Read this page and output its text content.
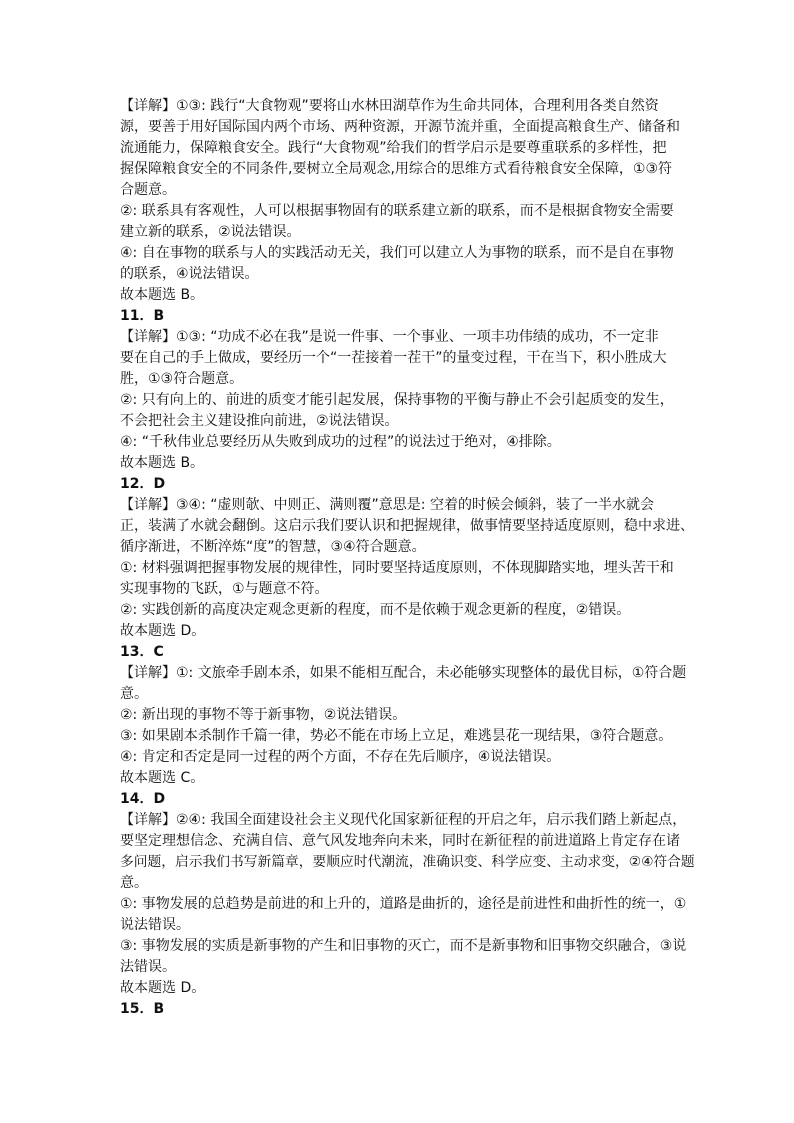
【详解】①③: 践行“大食物观”要将山水林田湖草作为生命共同体，合理利用各类自然资
源，要善于用好国际国内两个市场、两种资源，开源节流并重，全面提高粮食生产、储备和
流通能力，保障粮食安全。践行“大食物观”给我们的哲学启示是要尊重联系的多样性，把
握保障粮食安全的不同条件,要树立全局观念,用综合的思维方式看待粮食安全保障，①③符
合题意。
②: 联系具有客观性，人可以根据事物固有的联系建立新的联系，而不是根据食物安全需要
建立新的联系，②说法错误。
④: 自在事物的联系与人的实践活动无关，我们可以建立人为事物的联系，而不是自在事物
的联系，④说法错误。
故本题选 B。
11．B
【详解】①③: “功成不必在我”是说一件事、一个事业、一项丰功伟绩的成功，不一定非
要在自己的手上做成，要经历一个“一茬接着一茬干”的量变过程，干在当下，积小胜成大
胜，①③符合题意。
②: 只有向上的、前进的质变才能引起发展，保持事物的平衡与静止不会引起质变的发生，
不会把社会主义建设推向前进，②说法错误。
④: “千秋伟业总要经历从失败到成功的过程”的说法过于绝对，④排除。
故本题选 B。
12．D
【详解】③④: “虚则欹、中则正、满则覆”意思是: 空着的时候会倾斜，装了一半水就会
正，装满了水就会翻倒。这启示我们要认识和把握规律，做事情要坚持适度原则，稳中求进、
循序渐进，不断淬炼“度”的智慧，③④符合题意。
①: 材料强调把握事物发展的规律性，同时要坚持适度原则，不体现脚踏实地，埋头苦干和
实现事物的飞跃，①与题意不符。
②: 实践创新的高度决定观念更新的程度，而不是依赖于观念更新的程度，②错误。
故本题选 D。
13．C
【详解】①: 文旅牵手剧本杀，如果不能相互配合，未必能够实现整体的最优目标，①符合题
意。
②: 新出现的事物不等于新事物，②说法错误。
③: 如果剧本杀制作千篇一律，势必不能在市场上立足，难逃昙花一现结果，③符合题意。
④: 肯定和否定是同一过程的两个方面，不存在先后顺序，④说法错误。
故本题选 C。
14．D
【详解】②④: 我国全面建设社会主义现代化国家新征程的开启之年，启示我们踏上新起点，
要坚定理想信念、充满自信、意气风发地奔向未来，同时在新征程的前进道路上肯定存在诸
多问题，启示我们书写新篇章，要顺应时代潮流，准确识变、科学应变、主动求变，②④符合题
意。
①: 事物发展的总趋势是前进的和上升的，道路是曲折的，途径是前进性和曲折性的统一，①
说法错误。
③: 事物发展的实质是新事物的产生和旧事物的灭亡，而不是新事物和旧事物交织融合，③说
法错误。
故本题选 D。
15．B
